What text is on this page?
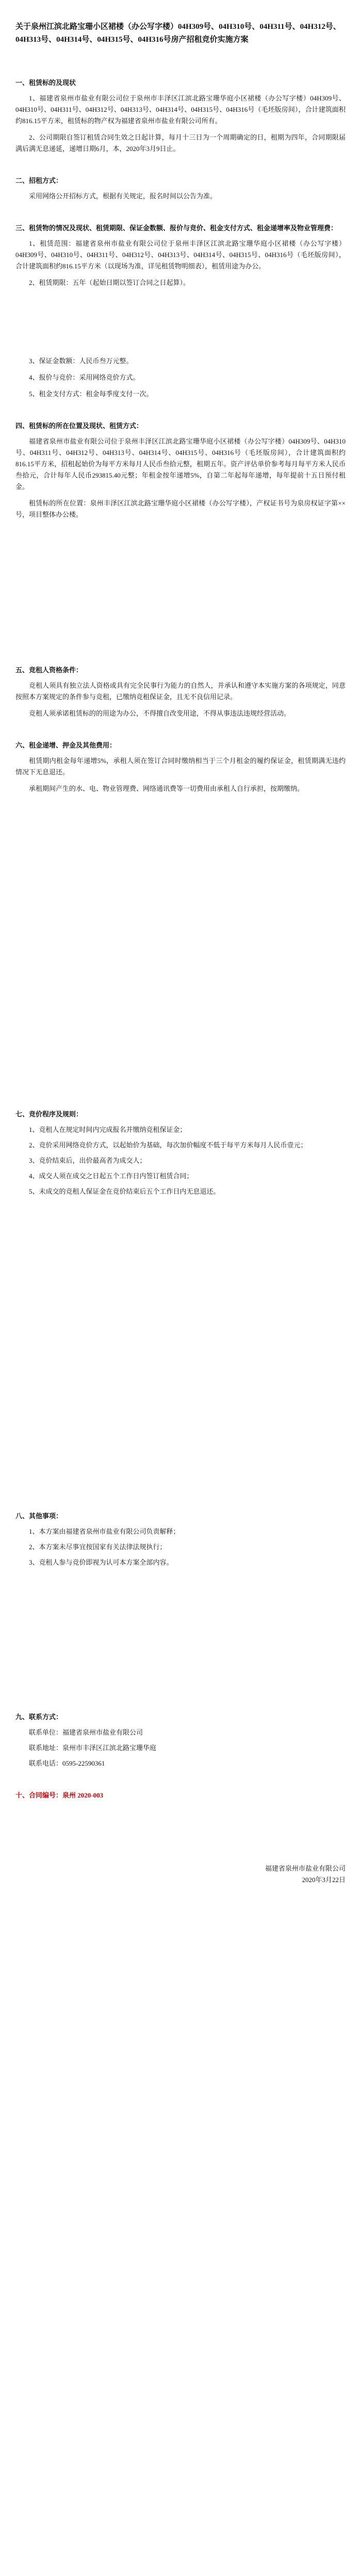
关于泉州江滨北路宝珊小区裙楼（办公写字楼）04H309号、04H310号、04H311号、04H312号、04H313号、04H314号、04H315号、04H316号房产招租竞价实施方案
一、租赁标的及现状

1、福建省泉州市盐业有限公司位于泉州市丰泽区江滨北路宝珊华庭小区裙楼（办公写字楼）04H309号、04H310号、04H311号、04H312号、04H313号、04H314号、04H315号、04H316号（毛坯版房间），合计建筑面积约816.15平方米，租赁标的物产权为福建省泉州市盐业有限公司所有。

2、公司期限自签订租赁合同生效之日起计算，每月十三日为一个周期确定的日，租期为四年，合同期限届满后满无息递延，递增日期6月，本，2020年3月9日止。

二、招租方式：

采用网络公开招标方式，根据有关规定，报名时间以公告为准。

三、租赁物的情况及现状、租赁期限、保证金数额、报价与竞价、租金支付方式、租金递增率及物业管理费：

1、租赁范围：福建省泉州市盐业有限公司位于泉州丰泽区江滨北路宝珊华庭小区裙楼（办公写字楼）04H309号、04H310号、04H311号、04H312号、04H313号、04H314号、04H315号、04H316号（毛坯版房间），合计建筑面积约816.15平方米（以现场为准，详见租赁物明细表），租赁用途为办公。

2、租赁期限：五年（起始日期以签订合同之日起算）。

3、保证金数额：人民币叁万元整。

4、报价与竞价：采用网络竞价方式。

5、租金支付方式：租金每季度支付一次。

四、租赁标的所在位置及现状、租赁方式：

福建省泉州市盐业有限公司位于泉州丰泽区江滨北路宝珊华庭小区裙楼（办公写字楼）04H309号、04H310号、04H311号、04H312号、04H313号、04H314号、04H315号、04H316号（毛坯版房间），合计建筑面积约816.15平方米，招租起始价为每平方米每月人民币叁拾元整，租期五年。资产评估单价参考每月每平方米人民币叁拾元，合计每年人民币293815.40元整；年租金按年递增5%，自第二年起每年递增，每年提前十五日预付租金。

租赁标的所在位置：泉州丰泽区江滨北路宝珊华庭小区裙楼（办公写字楼），产权证书号为泉房权证字第××号，项目整体办公楼。

五、竞租人资格条件：

竞租人须具有独立法人资格或具有完全民事行为能力的自然人，并承认和遵守本实施方案的各项规定，同意按照本方案规定的条件参与竞租，已缴纳竞租保证金，且无不良信用记录。

竞租人须承诺租赁标的的用途为办公，不得擅自改变用途，不得从事违法违规经营活动。

六、租金递增、押金及其他费用：

租赁期内租金每年递增5%，承租人须在签订合同时缴纳相当于三个月租金的履约保证金，租赁期满无违约情况下无息退还。

承租期间产生的水、电、物业管理费、网络通讯费等一切费用由承租人自行承担，按期缴纳。

七、竞价程序及规则：
1、竞租人在规定时间内完成报名并缴纳竞租保证金；
2、竞价采用网络竞价方式，以起始价为基础，每次加价幅度不低于每平方米每月人民币壹元；
3、竞价结束后，出价最高者为成交人；
4、成交人须在成交之日起五个工作日内签订租赁合同；
5、未成交的竞租人保证金在竞价结束后五个工作日内无息退还。
八、其他事项：
1、本方案由福建省泉州市盐业有限公司负责解释；
2、本方案未尽事宜按国家有关法律法规执行；
3、竞租人参与竞价即视为认可本方案全部内容。
九、联系方式：
联系单位：福建省泉州市盐业有限公司
联系地址：泉州市丰泽区江滨北路宝珊华庭
联系电话：0595-22590361
十、合同编号：泉州 2020-003
福建省泉州市盐业有限公司
2020年3月22日
